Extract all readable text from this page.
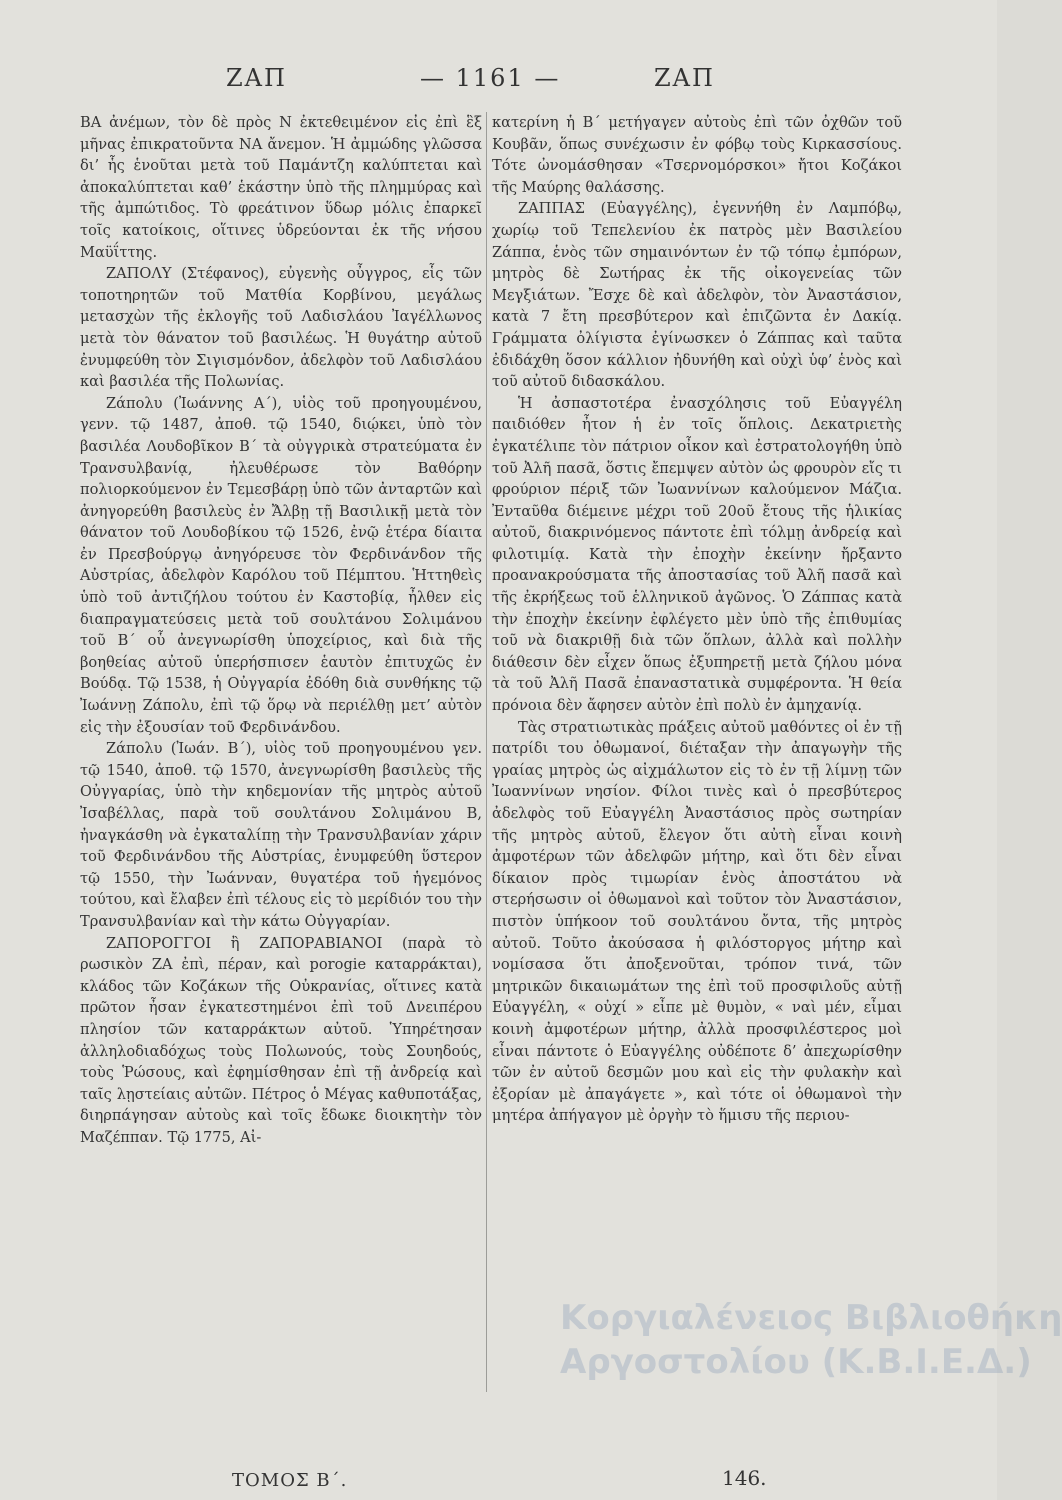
ΖΑΠ	— 1161 —	ΖΑΠ

ΒΑ ἀνέμων, τὸν δὲ πρὸς Ν ἐκτεθειμένον εἰς ἐπὶ ἓξ μῆνας ἐπικρατοῦντα ΝΑ ἄνεμον. Ἡ ἀμμώδης γλῶσσα δι’ ἧς ἑνοῦται μετὰ τοῦ Παμάντζη καλύπτεται καὶ ἀποκαλύπτεται καθ’ ἑκάστην ὑπὸ τῆς πλημμύρας καὶ τῆς ἀμπώτιδος. Τὸ φρεάτινον ὕδωρ μόλις ἐπαρκεῖ τοῖς κατοίκοις, οἵτινες ὑδρεύονται ἐκ τῆς νήσου Μαϋΐττης.

ΖΑΠΟΛΥ (Στέφανος), εὐγενὴς οὖγγρος, εἷς τῶν τοποτηρητῶν τοῦ Ματθία Κορβίνου, μεγάλως μετασχὼν τῆς ἐκλογῆς τοῦ Λαδισλάου Ἰαγέλλωνος μετὰ τὸν θάνατον τοῦ βασιλέως. Ἡ θυγάτηρ αὐτοῦ ἐνυμφεύθη τὸν Σιγισμόνδον, ἀδελφὸν τοῦ Λαδισλάου καὶ βασιλέα τῆς Πολωνίας.

Ζάπολυ (Ἰωάννης Α΄), υἱὸς τοῦ προηγουμένου, γενν. τῷ 1487, ἀποθ. τῷ 1540, διῴκει, ὑπὸ τὸν βασιλέα Λουδοβῖκον Β΄ τὰ οὐγγρικὰ στρατεύματα ἐν Τρανσυλβανίᾳ, ἠλευθέρωσε τὸν Βαθόρην πολιορκούμενον ἐν Τεμεσβάρῃ ὑπὸ τῶν ἀνταρτῶν καὶ ἀνηγορεύθη βασιλεὺς ἐν Ἄλβῃ τῇ Βασιλικῇ μετὰ τὸν θάνατον τοῦ Λουδοβίκου τῷ 1526, ἐνῷ ἑτέρα δίαιτα ἐν Πρεσβούργῳ ἀνηγόρευσε τὸν Φερδινάνδον τῆς Αὐστρίας, ἀδελφὸν Καρόλου τοῦ Πέμπτου. Ἡττηθεὶς ὑπὸ τοῦ ἀντιζήλου τούτου ἐν Καστοβίᾳ, ἦλθεν εἰς διαπραγματεύσεις μετὰ τοῦ σουλτάνου Σολιμάνου τοῦ Β΄ οὗ ἀνεγνωρίσθη ὑποχείριος, καὶ διὰ τῆς βοηθείας αὐτοῦ ὑπερήσπισεν ἑαυτὸν ἐπιτυχῶς ἐν Βούδᾳ. Τῷ 1538, ἡ Οὐγγαρία ἐδόθη διὰ συνθήκης τῷ Ἰωάννῃ Ζάπολυ, ἐπὶ τῷ ὅρῳ νὰ περιέλθῃ μετ’ αὐτὸν εἰς τὴν ἐξουσίαν τοῦ Φερδινάνδου.

Ζάπολυ (Ἰωάν. Β΄), υἱὸς τοῦ προηγουμένου γεν. τῷ 1540, ἀποθ. τῷ 1570, ἀνεγνωρίσθη βασιλεὺς τῆς Οὐγγαρίας, ὑπὸ τὴν κηδεμονίαν τῆς μητρὸς αὐτοῦ Ἰσαβέλλας, παρὰ τοῦ σουλτάνου Σολιμάνου Β, ἠναγκάσθη νὰ ἐγκαταλίπῃ τὴν Τρανσυλβανίαν χάριν τοῦ Φερδινάνδου τῆς Αὐστρίας, ἐνυμφεύθη ὕστερον τῷ 1550, τὴν Ἰωάνναν, θυγατέρα τοῦ ἡγεμόνος τούτου, καὶ ἔλαβεν ἐπὶ τέλους εἰς τὸ μερίδιόν του τὴν Τρανσυλβανίαν καὶ τὴν κάτω Οὐγγαρίαν.

ΖΑΠΟΡΟΓΓΟΙ ἢ ΖΑΠΟΡΑΒΙΑΝΟΙ (παρὰ τὸ ρωσικὸν ΖΑ ἐπὶ, πέραν, καὶ porogie καταρράκται), κλάδος τῶν Κοζάκων τῆς Οὐκρανίας, οἵτινες κατὰ πρῶτον ἦσαν ἐγκατεστημένοι ἐπὶ τοῦ Δνειπέρου πλησίον τῶν καταρράκτων αὐτοῦ. Ὑπηρέτησαν ἀλληλοδιαδόχως τοὺς Πολωνούς, τοὺς Σουηδούς, τοὺς Ῥώσους, καὶ ἐφημίσθησαν ἐπὶ τῇ ἀνδρείᾳ καὶ ταῖς λῃστείαις αὐτῶν. Πέτρος ὁ Μέγας καθυποτάξας, διηρπάγησαν αὐτοὺς καὶ τοῖς ἔδωκε διοικητὴν τὸν Μαζέππαν. Τῷ 1775, Αἰ-

κατερίνη ἡ Β΄ μετήγαγεν αὐτοὺς ἐπὶ τῶν ὀχθῶν τοῦ Κουβᾶν, ὅπως συνέχωσιν ἐν φόβῳ τοὺς Κιρκασσίους. Τότε ὠνομάσθησαν «Τσερνομόρσκοι» ἤτοι Κοζάκοι τῆς Μαύρης θαλάσσης.

ΖΑΠΠΑΣ (Εὐαγγέλης), ἐγεννήθη ἐν Λαμπόβῳ, χωρίῳ τοῦ Τεπελενίου ἐκ πατρὸς μὲν Βασιλείου Ζάππα, ἑνὸς τῶν σημαινόντων ἐν τῷ τόπῳ ἐμπόρων, μητρὸς δὲ Σωτήρας ἐκ τῆς οἰκογενείας τῶν Μεγξιάτων. Ἔσχε δὲ καὶ ἀδελφὸν, τὸν Ἀναστάσιον, κατὰ 7 ἔτη πρεσβύτερον καὶ ἐπιζῶντα ἐν Δακίᾳ. Γράμματα ὀλίγιστα ἐγίνωσκεν ὁ Ζάππας καὶ ταῦτα ἐδιδάχθη ὅσον κάλλιον ἠδυνήθη καὶ οὐχὶ ὑφ’ ἑνὸς καὶ τοῦ αὐτοῦ διδασκάλου.

Ἡ ἀσπαστοτέρα ἐνασχόλησις τοῦ Εὐαγγέλη παιδιόθεν ἦτον ἡ ἐν τοῖς ὅπλοις. Δεκατριετὴς ἐγκατέλιπε τὸν πάτριον οἶκον καὶ ἐστρατολογήθη ὑπὸ τοῦ Ἀλῆ πασᾶ, ὅστις ἔπεμψεν αὐτὸν ὡς φρουρὸν εἴς τι φρούριον πέριξ τῶν Ἰωαννίνων καλούμενον Μάζια. Ἐνταῦθα διέμεινε μέχρι τοῦ 20οῦ ἔτους τῆς ἡλικίας αὐτοῦ, διακρινόμενος πάντοτε ἐπὶ τόλμῃ ἀνδρείᾳ καὶ φιλοτιμίᾳ. Κατὰ τὴν ἐποχὴν ἐκείνην ἤρξαντο προανακρούσματα τῆς ἀποστασίας τοῦ Ἀλῆ πασᾶ καὶ τῆς ἐκρήξεως τοῦ ἑλληνικοῦ ἀγῶνος. Ὁ Ζάππας κατὰ τὴν ἐποχὴν ἐκείνην ἐφλέγετο μὲν ὑπὸ τῆς ἐπιθυμίας τοῦ νὰ διακριθῇ διὰ τῶν ὅπλων, ἀλλὰ καὶ πολλὴν διάθεσιν δὲν εἶχεν ὅπως ἐξυπηρετῇ μετὰ ζήλου μόνα τὰ τοῦ Ἀλῆ Πασᾶ ἐπαναστατικὰ συμφέροντα. Ἡ θεία πρόνοια δὲν ἄφησεν αὐτὸν ἐπὶ πολὺ ἐν ἀμηχανίᾳ.

Τὰς στρατιωτικὰς πράξεις αὐτοῦ μαθόντες οἱ ἐν τῇ πατρίδι του ὀθωμανοί, διέταξαν τὴν ἀπαγωγὴν τῆς γραίας μητρὸς ὡς αἰχμάλωτον εἰς τὸ ἐν τῇ λίμνῃ τῶν Ἰωαννίνων νησίον. Φίλοι τινὲς καὶ ὁ πρεσβύτερος ἀδελφὸς τοῦ Εὐαγγέλη Ἀναστάσιος πρὸς σωτηρίαν τῆς μητρὸς αὐτοῦ, ἔλεγον ὅτι αὐτὴ εἶναι κοινὴ ἀμφοτέρων τῶν ἀδελφῶν μήτηρ, καὶ ὅτι δὲν εἶναι δίκαιον πρὸς τιμωρίαν ἑνὸς ἀποστάτου νὰ στερήσωσιν οἱ ὀθωμανοὶ καὶ τοῦτον τὸν Ἀναστάσιον, πιστὸν ὑπήκοον τοῦ σουλτάνου ὄντα, τῆς μητρὸς αὐτοῦ. Τοῦτο ἀκούσασα ἡ φιλόστοργος μήτηρ καὶ νομίσασα ὅτι ἀποξενοῦται, τρόπον τινά, τῶν μητρικῶν δικαιωμάτων της ἐπὶ τοῦ προσφιλοῦς αὐτῇ Εὐαγγέλη, « οὐχί » εἶπε μὲ θυμὸν, « ναὶ μέν, εἶμαι κοινὴ ἀμφοτέρων μήτηρ, ἀλλὰ προσφιλέστερος μοὶ εἶναι πάντοτε ὁ Εὐαγγέλης οὐδέποτε δ’ ἀπεχωρίσθην τῶν ἐν αὐτοῦ δεσμῶν μου καὶ εἰς τὴν φυλακὴν καὶ ἐξορίαν μὲ ἀπαγάγετε », καὶ τότε οἱ ὀθωμανοὶ τὴν μητέρα ἀπήγαγον μὲ ὀργὴν τὸ ἥμισυ τῆς περιου-

ΤΟΜΟΣ Β΄.	146.
Κοργιαλένειος Βιβλιοθήκη
Αργοστολίου (Κ.Β.Ι.Ε.Δ.)
